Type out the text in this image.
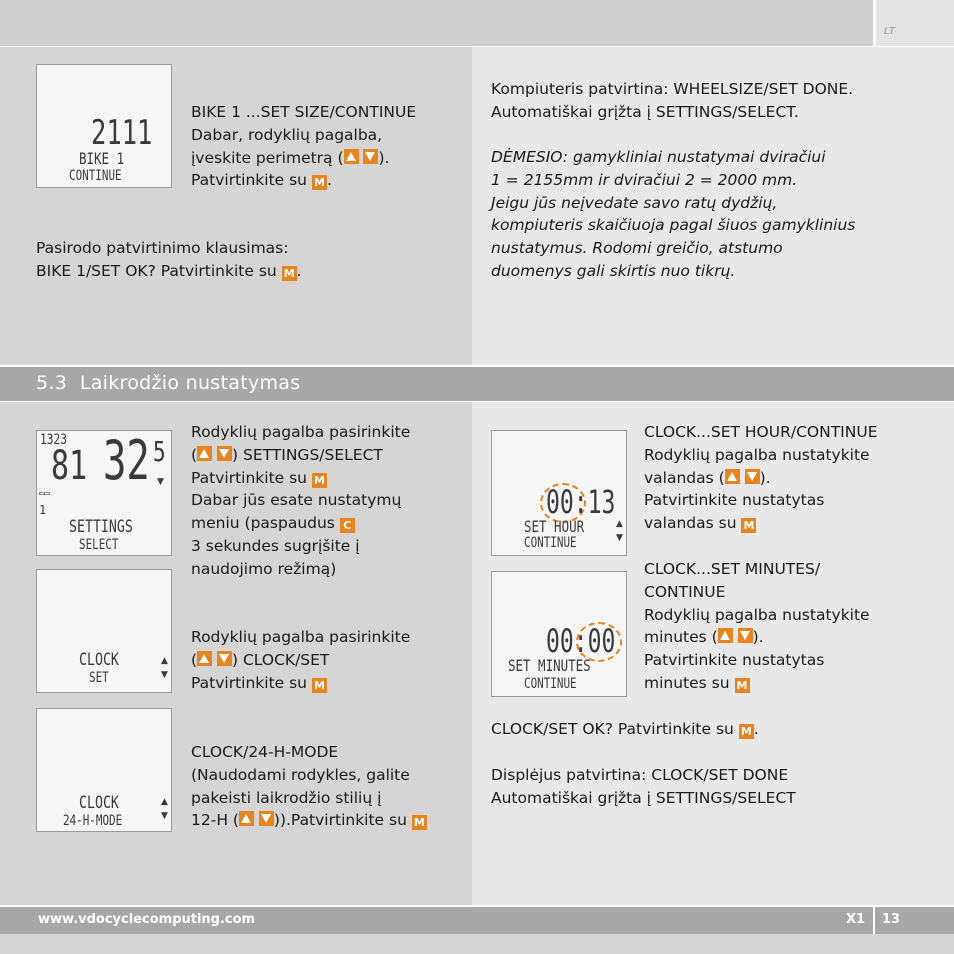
LT
5.3 Laikrodžio nustatymas
2111
BIKE 1
CONTINUE
BIKE 1 ...SET SIZE/CONTINUE
Dabar, rodyklių pagalba,
įveskite perimetrą ( ).
Patvirtinkite su M .
Pasirodo patvirtinimo klausimas:
BIKE 1/SET OK? Patvirtinkite su M .
Kompiuteris patvirtina: WHEELSIZE/SET DONE.
Automatiškai grįžta į SETTINGS/SELECT.
DĖMESIO: gamykliniai nustatymai dviračiui
1 = 2155mm ir dviračiui 2 = 2000 mm.
Jeigu jūs neįvedate savo ratų dydžių,
kompiuteris skaičiuoja pagal šiuos gamyklinius
nustatymus. Rodomi greičio, atstumo
duomenys gali skirtis nuo tikrų.
1323
81 32 5
▼
▭▭
1
SETTINGS
SELECT
CLOCK
SET
▲
▼
CLOCK
24-H-MODE
▲
▼
Rodyklių pagalba pasirinkite
( ) SETTINGS/SELECT
Patvirtinkite su M
Dabar jūs esate nustatymų
meniu (paspaudus C
3 sekundes sugrįšite į
naudojimo režimą)
Rodyklių pagalba pasirinkite
( ) CLOCK/SET
Patvirtinkite su M
CLOCK/24-H-MODE
(Naudodami rodykles, galite
pakeisti laikrodžio stilių į
12-H ( )).Patvirtinkite su M
00:13
SET HOUR
CONTINUE
▲
▼
00:00
SET MINUTES
CONTINUE
CLOCK...SET HOUR/CONTINUE
Rodyklių pagalba nustatykite
valandas ( ).
Patvirtinkite nustatytas
valandas su M
CLOCK...SET MINUTES/
CONTINUE
Rodyklių pagalba nustatykite
minutes ( ).
Patvirtinkite nustatytas
minutes su M
CLOCK/SET OK? Patvirtinkite su M .
Displėjus patvirtina: CLOCK/SET DONE
Automatiškai grįžta į SETTINGS/SELECT
www.vdocyclecomputing.com	X1 13
